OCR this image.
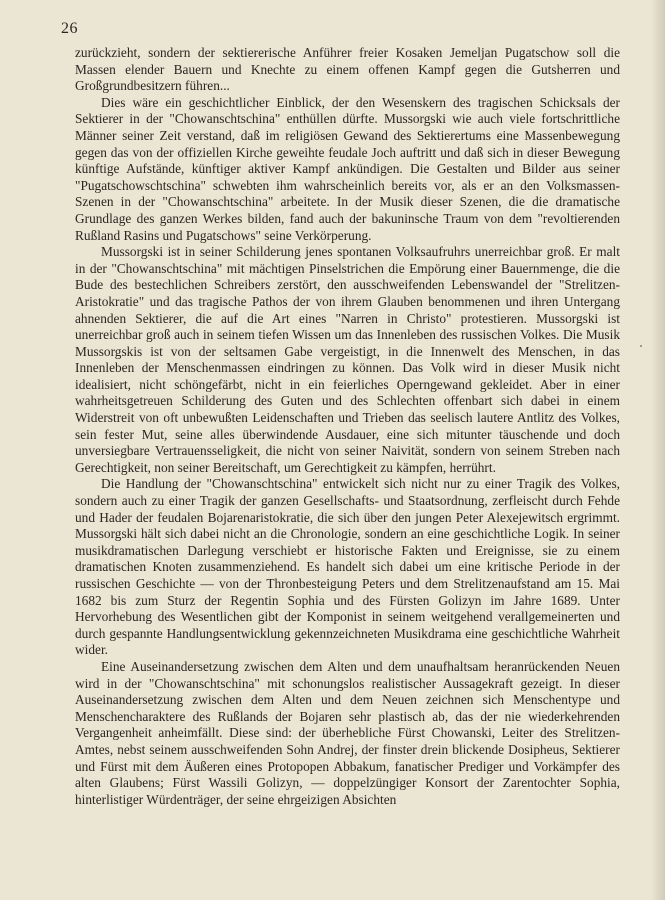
26

zurückzieht, sondern der sektiererische Anführer freier Kosaken Jemeljan Pugatschow soll die Massen elender Bauern und Knechte zu einem offenen Kampf gegen die Gutsherren und Großgrundbesitzern führen...

Dies wäre ein geschichtlicher Einblick, der den Wesenskern des tragischen Schicksals der Sektierer in der "Chowanschtschina" enthüllen dürfte. Mussorgski wie auch viele fortschrittliche Männer seiner Zeit verstand, daß im religiösen Gewand des Sektierertums eine Massenbewegung gegen das von der offiziellen Kirche geweihte feudale Joch auftritt und daß sich in dieser Bewegung künftige Aufstände, künftiger aktiver Kampf ankündigen. Die Gestalten und Bilder aus seiner "Pugatschowschtschina" schwebten ihm wahrscheinlich bereits vor, als er an den Volksmassen-Szenen in der "Chowanschtschina" arbeitete. In der Musik dieser Szenen, die die dramatische Grundlage des ganzen Werkes bilden, fand auch der bakuninsche Traum von dem "revoltierenden Rußland Rasins und Pugatschows" seine Verkörperung.

Mussorgski ist in seiner Schilderung jenes spontanen Volksaufruhrs unerreichbar groß. Er malt in der "Chowanschtschina" mit mächtigen Pinselstrichen die Empörung einer Bauernmenge, die die Bude des bestechlichen Schreibers zerstört, den ausschweifenden Lebenswandel der "Strelitzen-Aristokratie" und das tragische Pathos der von ihrem Glauben benommenen und ihren Untergang ahnenden Sektierer, die auf die Art eines "Narren in Christo" protestieren. Mussorgski ist unerreichbar groß auch in seinem tiefen Wissen um das Innenleben des russischen Volkes. Die Musik Mussorgskis ist von der seltsamen Gabe vergeistigt, in die Innenwelt des Menschen, in das Innenleben der Menschenmassen eindringen zu können. Das Volk wird in dieser Musik nicht idealisiert, nicht schöngefärbt, nicht in ein feierliches Operngewand gekleidet. Aber in einer wahrheitsgetreuen Schilderung des Guten und des Schlechten offenbart sich dabei in einem Widerstreit von oft unbewußten Leidenschaften und Trieben das seelisch lautere Antlitz des Volkes, sein fester Mut, seine alles überwindende Ausdauer, eine sich mitunter täuschende und doch unversiegbare Vertrauensseligkeit, die nicht von seiner Naivität, sondern von seinem Streben nach Gerechtigkeit, non seiner Bereitschaft, um Gerechtigkeit zu kämpfen, herrührt.

Die Handlung der "Chowanschtschina" entwickelt sich nicht nur zu einer Tragik des Volkes, sondern auch zu einer Tragik der ganzen Gesellschafts- und Staatsordnung, zerfleischt durch Fehde und Hader der feudalen Bojarenaristokratie, die sich über den jungen Peter Alexejewitsch ergrimmt. Mussorgski hält sich dabei nicht an die Chronologie, sondern an eine geschichtliche Logik. In seiner musikdramatischen Darlegung verschiebt er historische Fakten und Ereignisse, sie zu einem dramatischen Knoten zusammenziehend. Es handelt sich dabei um eine kritische Periode in der russischen Geschichte — von der Thronbesteigung Peters und dem Strelitzenaufstand am 15. Mai 1682 bis zum Sturz der Regentin Sophia und des Fürsten Golizyn im Jahre 1689. Unter Hervorhebung des Wesentlichen gibt der Komponist in seinem weitgehend verallgemeinerten und durch gespannte Handlungsentwicklung gekennzeichneten Musikdrama eine geschichtliche Wahrheit wider.

Eine Auseinandersetzung zwischen dem Alten und dem unaufhaltsam heranrückenden Neuen wird in der "Chowanschtschina" mit schonungslos realistischer Aussagekraft gezeigt. In dieser Auseinandersetzung zwischen dem Alten und dem Neuen zeichnen sich Menschentype und Menschencharaktere des Rußlands der Bojaren sehr plastisch ab, das der nie wiederkehrenden Vergangenheit anheimfällt. Diese sind: der überhebliche Fürst Chowanski, Leiter des Strelitzen-Amtes, nebst seinem ausschweifenden Sohn Andrej, der finster drein blickende Dosipheus, Sektierer und Fürst mit dem Äußeren eines Protopopen Abbakum, fanatischer Prediger und Vorkämpfer des alten Glaubens; Fürst Wassili Golizyn, — doppelzüngiger Konsort der Zarentochter Sophia, hinterlistiger Würdenträger, der seine ehrgeizigen Absichten
